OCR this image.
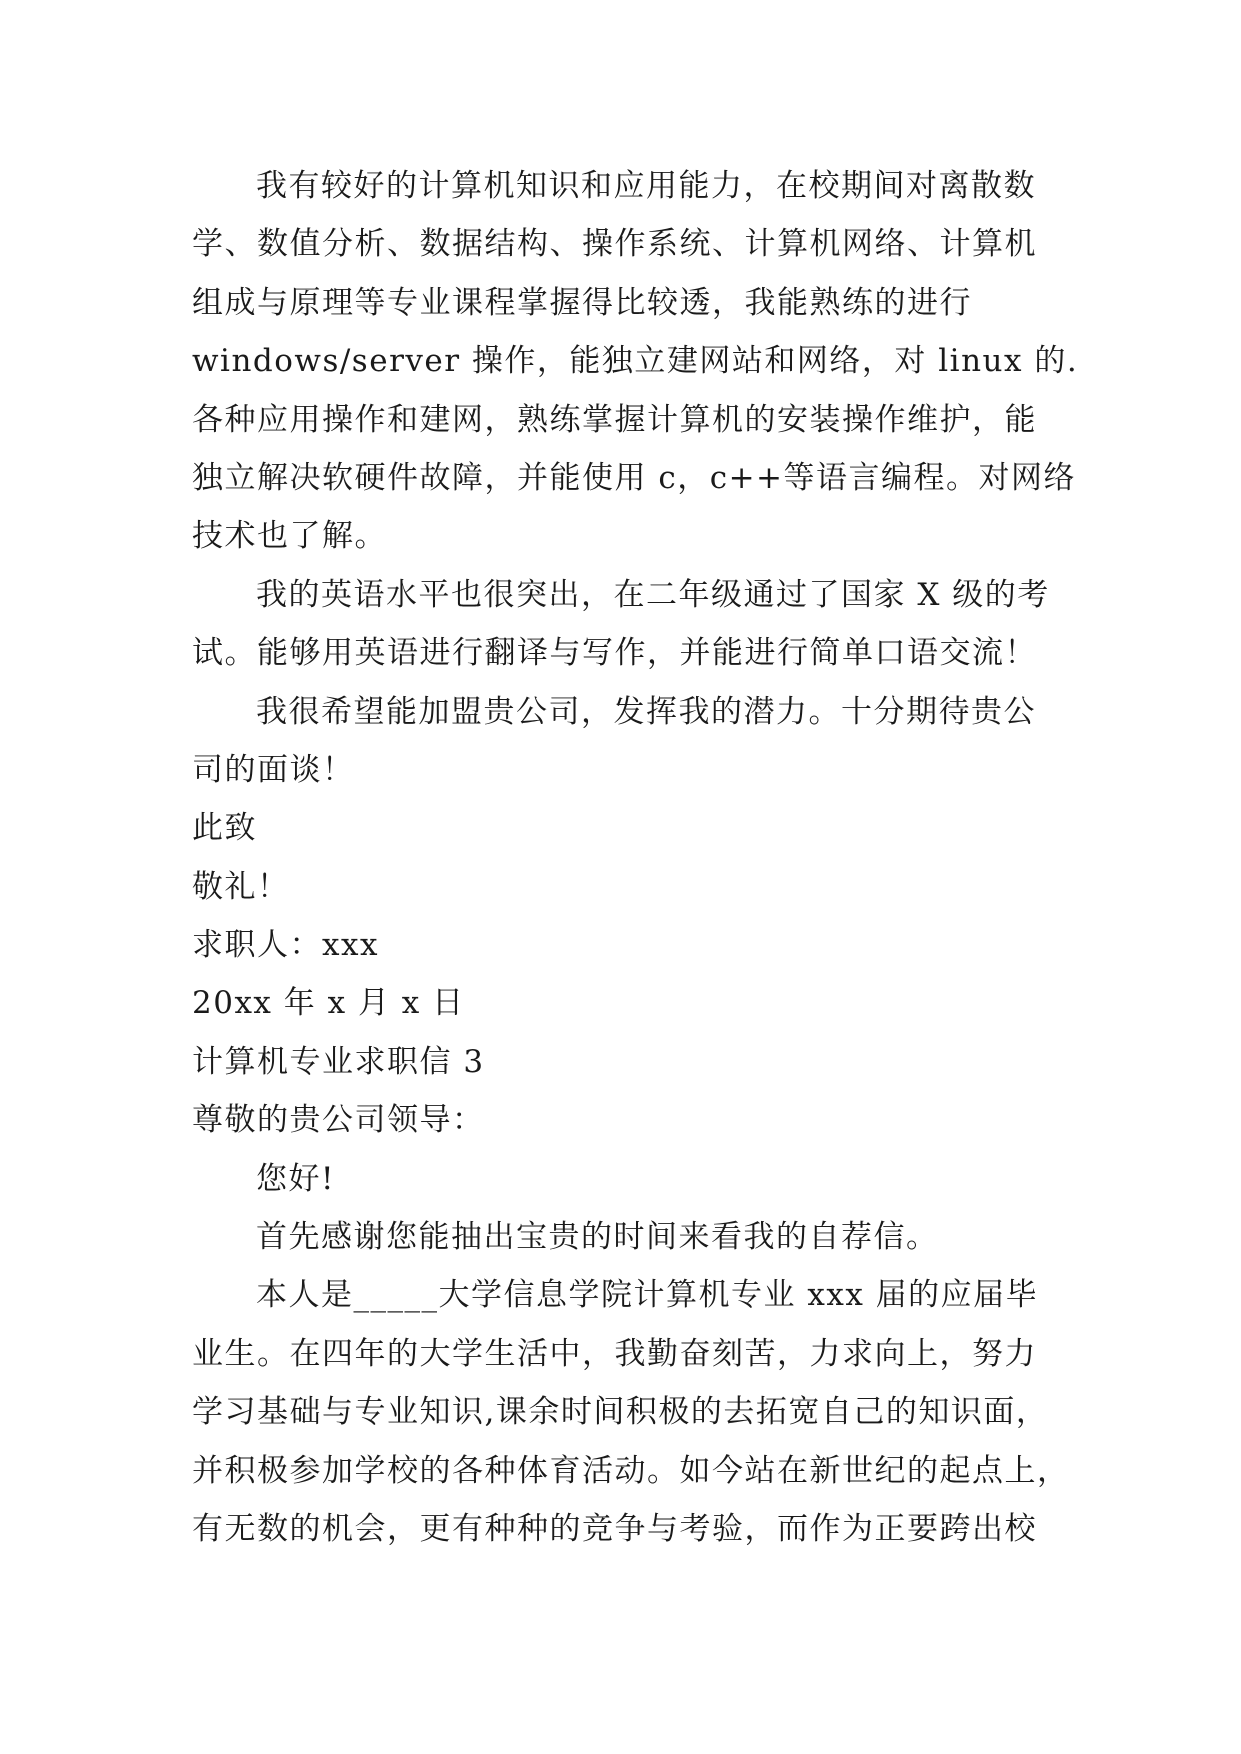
我有较好的计算机知识和应用能力，在校期间对离散数
学、数值分析、数据结构、操作系统、计算机网络、计算机
组成与原理等专业课程掌握得比较透，我能熟练的进行
windows/server 操作，能独立建网站和网络，对 linux 的.
各种应用操作和建网，熟练掌握计算机的安装操作维护，能
独立解决软硬件故障，并能使用 c，c++等语言编程。对网络
技术也了解。
我的英语水平也很突出，在二年级通过了国家 X 级的考
试。能够用英语进行翻译与写作，并能进行简单口语交流！
我很希望能加盟贵公司，发挥我的潜力。十分期待贵公
司的面谈！
此致
敬礼！
求职人：xxx
20xx 年 x 月 x 日
计算机专业求职信 3
尊敬的贵公司领导：
您好!
首先感谢您能抽出宝贵的时间来看我的自荐信。
本人是_____大学信息学院计算机专业 xxx 届的应届毕
业生。在四年的大学生活中，我勤奋刻苦，力求向上，努力
学习基础与专业知识,课余时间积极的去拓宽自己的知识面，
并积极参加学校的各种体育活动。如今站在新世纪的起点上，
有无数的机会，更有种种的竞争与考验，而作为正要跨出校
